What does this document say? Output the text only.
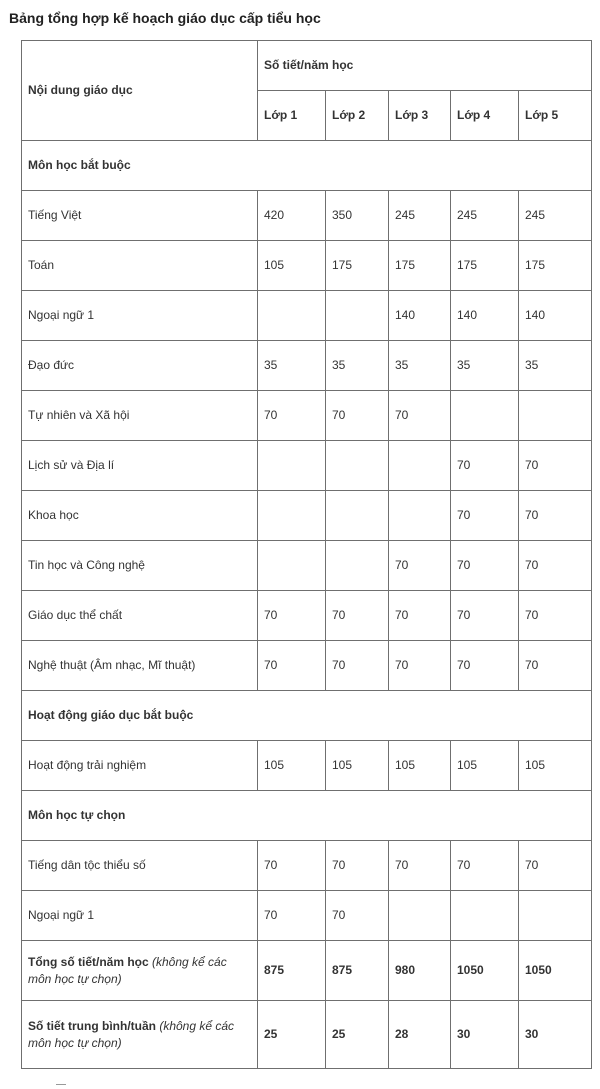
Bảng tổng hợp kế hoạch giáo dục cấp tiểu học
Nội dung giáo dục	Số tiết/năm học				
	Lớp 1	Lớp 2	Lớp 3	Lớp 4	Lớp 5
Môn học bắt buộc					
Tiếng Việt	420	350	245	245	245
Toán	105	175	175	175	175
Ngoại ngữ 1			140	140	140
Đạo đức	35	35	35	35	35
Tự nhiên và Xã hội	70	70	70		
Lịch sử và Địa lí				70	70
Khoa học				70	70
Tin học và Công nghệ			70	70	70
Giáo dục thể chất	70	70	70	70	70
Nghệ thuật (Âm nhạc, Mĩ thuật)	70	70	70	70	70
Hoạt động giáo dục bắt buộc					
Hoạt động trải nghiệm	105	105	105	105	105
Môn học tự chọn					
Tiếng dân tộc thiểu số	70	70	70	70	70
Ngoại ngữ 1	70	70			
Tổng số tiết/năm học (không kể các môn học tự chọn)	875	875	980	1050	1050
Số tiết trung bình/tuần (không kể các môn học tự chọn)	25	25	28	30	30
